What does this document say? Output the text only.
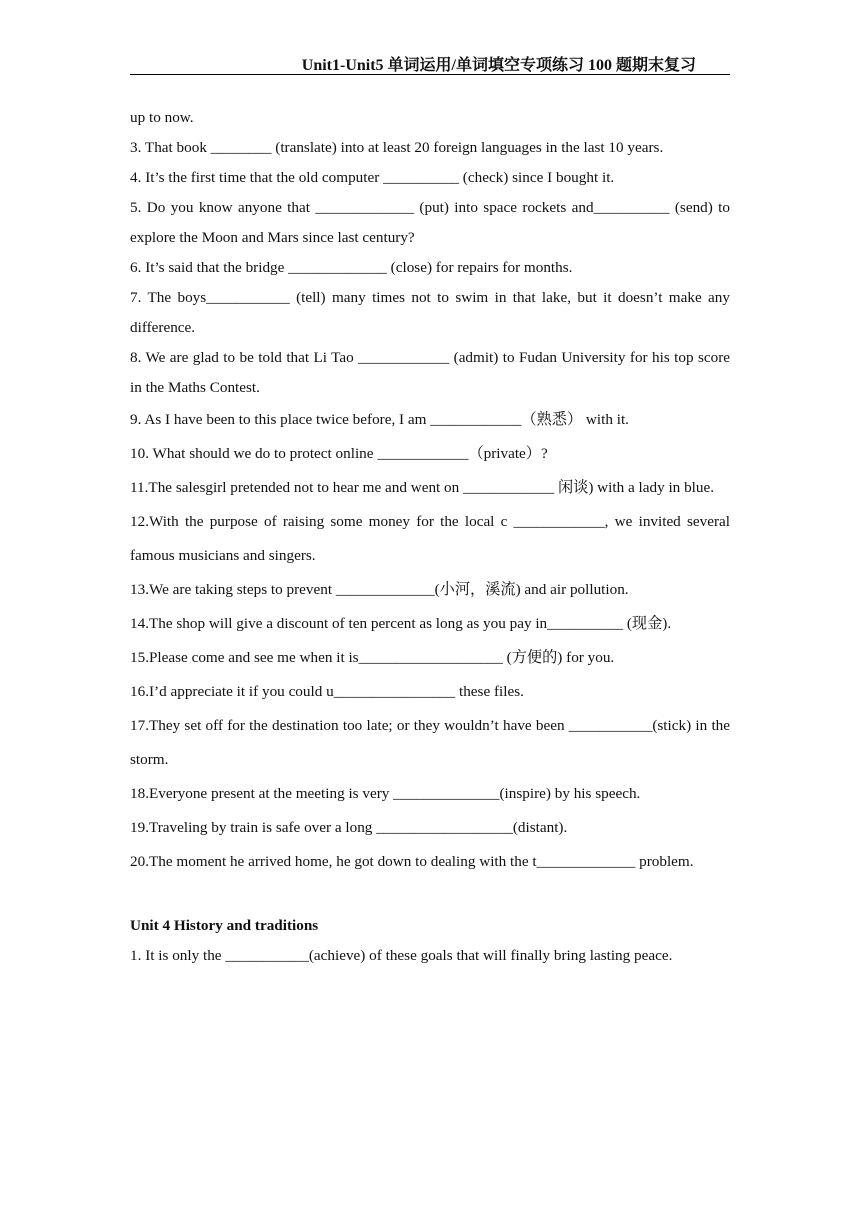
Unit1-Unit5 单词运用/单词填空专项练习 100 题期末复习

up to now.

3. That book ________ (translate) into at least 20 foreign languages in the last 10 years.

4. It’s the first time that the old computer __________ (check) since I bought it.

5. Do you know anyone that _____________ (put) into space rockets and__________ (send) to explore the Moon and Mars since last century?

6. It’s said that the bridge _____________ (close) for repairs for months.

7. The boys___________ (tell) many times not to swim in that lake, but it doesn’t make any difference.

8. We are glad to be told that Li Tao ____________ (admit) to Fudan University for his top score in the Maths Contest.

9. As I have been to this place twice before, I am ____________（熟悉） with it.

10. What should we do to protect online ____________（private）?

11.The salesgirl pretended not to hear me and went on ____________ 闲谈) with a lady in blue.

12.With the purpose of raising some money for the local c ____________, we invited several famous musicians and singers.

13.We are taking steps to prevent _____________(小河，溪流) and air pollution.

14.The shop will give a discount of ten percent as long as you pay in__________ (现金).

15.Please come and see me when it is___________________ (方便的) for you.

16.I’d appreciate it if you could u________________ these files.

17.They set off for the destination too late; or they wouldn’t have been ___________(stick) in the storm.

18.Everyone present at the meeting is very ______________(inspire) by his speech.

19.Traveling by train is safe over a long __________________(distant).

20.The moment he arrived home, he got down to dealing with the t_____________ problem.

Unit 4 History and traditions

1. It is only the ___________(achieve) of these goals that will finally bring lasting peace.
